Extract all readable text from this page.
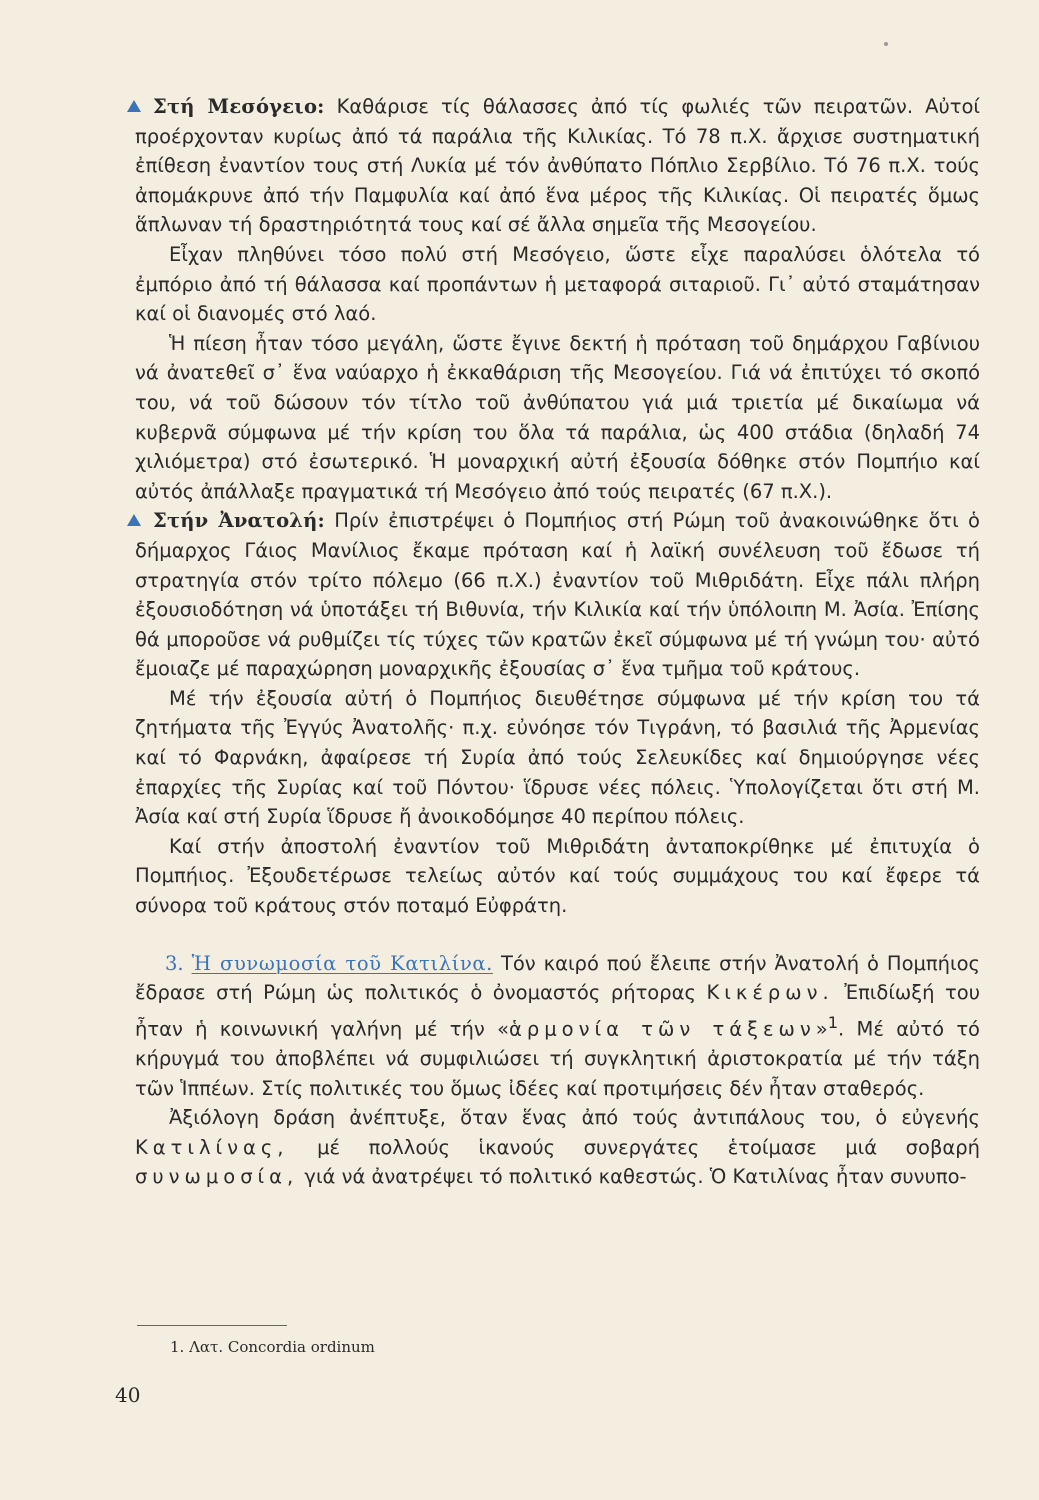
Στή Μεσόγειο: Καθάρισε τίς θάλασσες ἀπό τίς φωλιές τῶν πειρατῶν. Αὐτοί προέρχονταν κυρίως ἀπό τά παράλια τῆς Κιλικίας. Τό 78 π.Χ. ἄρχισε συστηματική ἐπίθεση ἐναντίον τους στή Λυκία μέ τόν ἀνθύπατο Πόπλιο Σερβίλιο. Τό 76 π.Χ. τούς ἀπομάκρυνε ἀπό τήν Παμφυλία καί ἀπό ἕνα μέρος τῆς Κιλικίας. Οἱ πειρατές ὅμως ἅπλωναν τή δραστηριότητά τους καί σέ ἄλλα σημεῖα τῆς Μεσογείου.

Εἶχαν πληθύνει τόσο πολύ στή Μεσόγειο, ὥστε εἶχε παραλύσει ὁλότελα τό ἐμπόριο ἀπό τή θάλασσα καί προπάντων ἡ μεταφορά σιταριοῦ. Γι᾽ αὐτό σταμάτησαν καί οἱ διανομές στό λαό.

Ἡ πίεση ἦταν τόσο μεγάλη, ὥστε ἔγινε δεκτή ἡ πρόταση τοῦ δημάρχου Γαβίνιου νά ἀνατεθεῖ σ᾽ ἕνα ναύαρχο ἡ ἐκκαθάριση τῆς Μεσογείου. Γιά νά ἐπιτύχει τό σκοπό του, νά τοῦ δώσουν τόν τίτλο τοῦ ἀνθύπατου γιά μιά τριετία μέ δικαίωμα νά κυβερνᾶ σύμφωνα μέ τήν κρίση του ὅλα τά παράλια, ὡς 400 στάδια (δηλαδή 74 χιλιόμετρα) στό ἐσωτερικό. Ἡ μοναρχική αὐτή ἐξουσία δόθηκε στόν Πομπήιο καί αὐτός ἀπάλλαξε πραγματικά τή Μεσόγειο ἀπό τούς πειρατές (67 π.Χ.).

Στήν Ἀνατολή: Πρίν ἐπιστρέψει ὁ Πομπήιος στή Ρώμη τοῦ ἀνακοινώθηκε ὅτι ὁ δήμαρχος Γάιος Μανίλιος ἔκαμε πρόταση καί ἡ λαϊκή συνέλευση τοῦ ἔδωσε τή στρατηγία στόν τρίτο πόλεμο (66 π.Χ.) ἐναντίον τοῦ Μιθριδάτη. Εἶχε πάλι πλήρη ἐξουσιοδότηση νά ὑποτάξει τή Βιθυνία, τήν Κιλικία καί τήν ὑπόλοιπη Μ. Ἀσία. Ἐπίσης θά μποροῦσε νά ρυθμίζει τίς τύχες τῶν κρατῶν ἐκεῖ σύμφωνα μέ τή γνώμη του· αὐτό ἔμοιαζε μέ παραχώρηση μοναρχικῆς ἐξουσίας σ᾽ ἕνα τμῆμα τοῦ κράτους.

Μέ τήν ἐξουσία αὐτή ὁ Πομπήιος διευθέτησε σύμφωνα μέ τήν κρίση του τά ζητήματα τῆς Ἐγγύς Ἀνατολῆς· π.χ. εὐνόησε τόν Τιγράνη, τό βασιλιά τῆς Ἀρμενίας καί τό Φαρνάκη, ἀφαίρεσε τή Συρία ἀπό τούς Σελευκίδες καί δημιούργησε νέες ἐπαρχίες τῆς Συρίας καί τοῦ Πόντου· ἵδρυσε νέες πόλεις. Ὑπολογίζεται ὅτι στή Μ. Ἀσία καί στή Συρία ἵδρυσε ἤ ἀνοικοδόμησε 40 περίπου πόλεις.

Καί στήν ἀποστολή ἐναντίον τοῦ Μιθριδάτη ἀνταποκρίθηκε μέ ἐπιτυχία ὁ Πομπήιος. Ἐξουδετέρωσε τελείως αὐτόν καί τούς συμμάχους του καί ἔφερε τά σύνορα τοῦ κράτους στόν ποταμό Εὐφράτη.

3. Ἡ συνωμοσία τοῦ Κατιλίνα. Τόν καιρό πού ἔλειπε στήν Ἀνατολή ὁ Πομπήιος ἔδρασε στή Ρώμη ὡς πολιτικός ὁ ὀνομαστός ρήτορας Κικέρων. Ἐπιδίωξή του ἦταν ἡ κοινωνική γαλήνη μέ τήν «ἁρμονία τῶν τάξεων»$^1$. Μέ αὐτό τό κήρυγμά του ἀποβλέπει νά συμφιλιώσει τή συγκλητική ἀριστοκρατία μέ τήν τάξη τῶν Ἱππέων. Στίς πολιτικές του ὅμως ἰδέες καί προτιμήσεις δέν ἦταν σταθερός.

Ἀξιόλογη δράση ἀνέπτυξε, ὅταν ἕνας ἀπό τούς ἀντιπάλους του, ὁ εὐγενής Κατιλίνας, μέ πολλούς ἱκανούς συνεργάτες ἑτοίμασε μιά σοβαρή συνωμοσία, γιά νά ἀνατρέψει τό πολιτικό καθεστώς. Ὁ Κατιλίνας ἦταν συνυπο-

1. Λατ. Concordia ordinum
40
